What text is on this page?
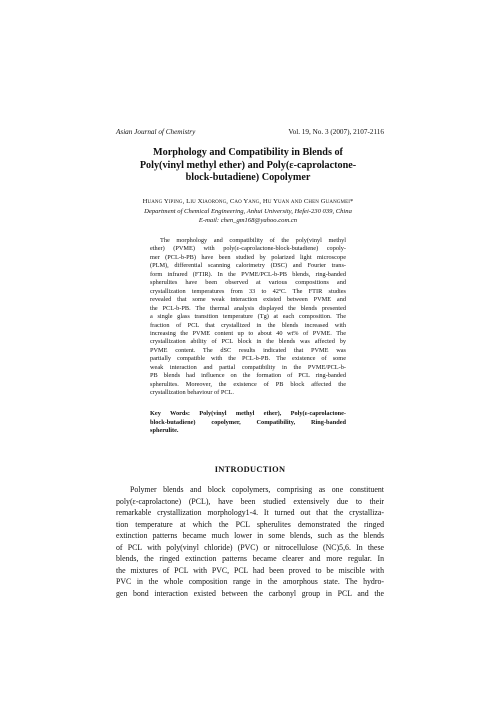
Asian Journal of Chemistry	Vol. 19, No. 3 (2007), 2107-2116
Morphology and Compatibility in Blends of
Poly(vinyl methyl ether) and Poly(ε-caprolactone-
block-butadiene) Copolymer
Huang Yiping, Liu Xiaorong, Cao Yang, Hu Yuan and Chen Guangmei*
Department of Chemical Engineering, Anhui University, Hefei-230 039, China
E-mail: chen_gm168@yahoo.com.cn
The morphology and compatibility of the poly(vinyl methyl
ether) (PVME) with poly(ε-caprolactone-block-butadiene) copoly-
mer (PCL-b-PB) have been studied by polarized light microscope
(PLM), differential scanning calorimetry (DSC) and Fourier trans-
form infrared (FTIR). In the PVME/PCL-b-PB blends, ring-banded
spherulites have been observed at various compositions and
crystallization temperatures from 33 to 42ºC. The FTIR studies
revealed that some weak interaction existed between PVME and
the PCL-b-PB. The thermal analysis displayed the blends presented
a single glass transition temperature (Tg) at each composition. The
fraction of PCL that crystallized in the blends increased with
increasing the PVME content up to about 40 wt% of PVME. The
crystallization ability of PCL block in the blends was affected by
PVME content. The dSC results indicated that PVME was
partially compatible with the PCL-b-PB. The existence of some
weak interaction and partial compatibility in the PVME/PCL-b-
PB blends had influence on the formation of PCL ring-banded
spherulites. Moreover, the existence of PB block affected the
crystallization behaviour of PCL.
Key Words: Poly(vinyl methyl ether), Poly(ε-caprolactone-
block-butadiene) copolymer, Compatibility, Ring-banded
spherulite.
INTRODUCTION
Polymer blends and block copolymers, comprising as one constituent
poly(ε-caprolactone) (PCL), have been studied extensively due to their
remarkable crystallization morphology1-4. It turned out that the crystalliza-
tion temperature at which the PCL spherulites demonstrated the ringed
extinction patterns became much lower in some blends, such as the blends
of PCL with poly(vinyl chloride) (PVC) or nitrocellulose (NC)5,6. In these
blends, the ringed extinction patterns became clearer and more regular. In
the mixtures of PCL with PVC, PCL had been proved to be miscible with
PVC in the whole composition range in the amorphous state. The hydro-
gen bond interaction existed between the carbonyl group in PCL and the
